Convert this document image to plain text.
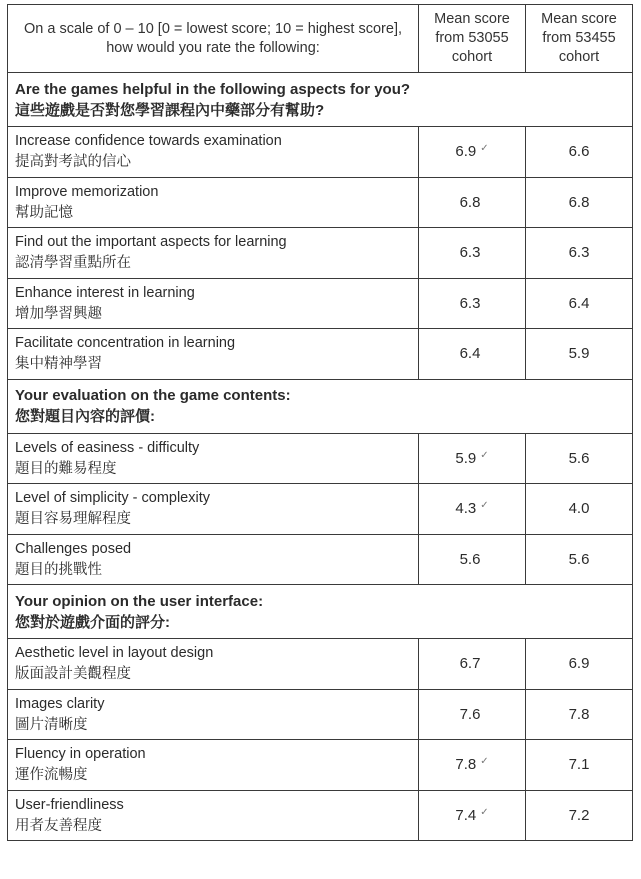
On a scale of 0 – 10 [0 = lowest score; 10 = highest score], how would you rate the following:	Mean score from 53055 cohort	Mean score from 53455 cohort

Are the games helpful in the following aspects for you?
這些遊戲是否對您學習課程內中藥部分有幫助?		

Increase confidence towards examination
提高對考試的信心	6.9 ✓	6.6

Improve memorization
幫助記憶	6.8	6.8

Find out the important aspects for learning
認清學習重點所在	6.3	6.3

Enhance interest in learning
增加學習興趣	6.3	6.4

Facilitate concentration in learning
集中精神學習	6.4	5.9

Your evaluation on the game contents:
您對題目內容的評價:		

Levels of easiness - difficulty
題目的難易程度	5.9 ✓	5.6

Level of simplicity - complexity
題目容易理解程度	4.3 ✓	4.0

Challenges posed
題目的挑戰性	5.6	5.6

Your opinion on the user interface:
您對於遊戲介面的評分:		

Aesthetic level in layout design
版面設計美觀程度	6.7	6.9

Images clarity
圖片清晰度	7.6	7.8

Fluency in operation
運作流暢度	7.8 ✓	7.1

User-friendliness
用者友善程度	7.4 ✓	7.2
